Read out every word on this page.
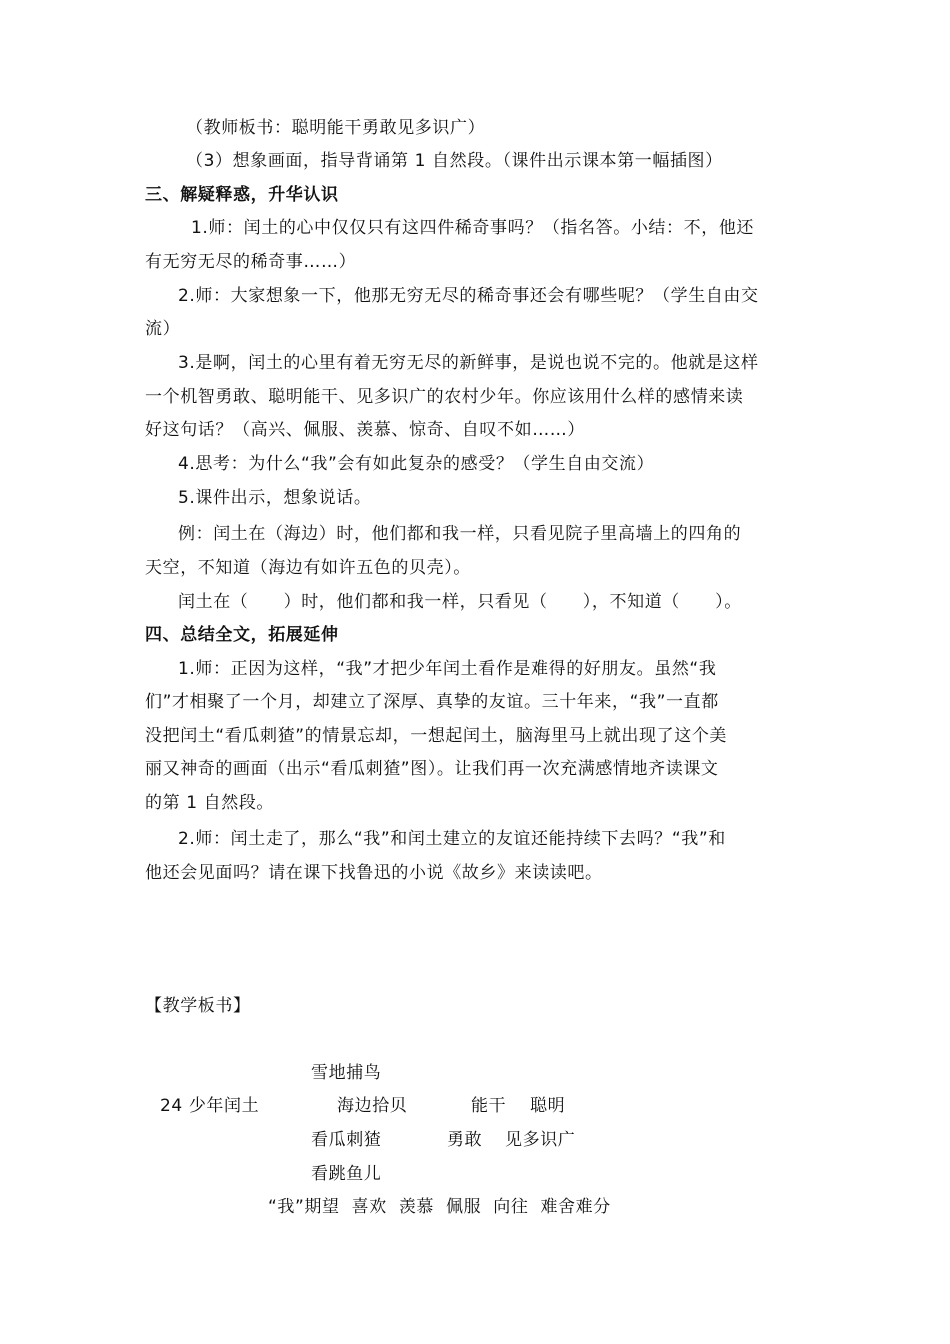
（教师板书：聪明能干勇敢见多识广）
（3）想象画面，指导背诵第 1 自然段。（课件出示课本第一幅插图）
三、解疑释惑，升华认识
1.师：闰土的心中仅仅只有这四件稀奇事吗？（指名答。小结：不，他还
有无穷无尽的稀奇事……）
2.师：大家想象一下，他那无穷无尽的稀奇事还会有哪些呢？（学生自由交
流）
3.是啊，闰土的心里有着无穷无尽的新鲜事，是说也说不完的。他就是这样
一个机智勇敢、聪明能干、见多识广的农村少年。你应该用什么样的感情来读
好这句话？（高兴、佩服、羡慕、惊奇、自叹不如……）
4.思考：为什么“我”会有如此复杂的感受？（学生自由交流）
5.课件出示，想象说话。
例：闰土在（海边）时，他们都和我一样，只看见院子里高墙上的四角的
天空，不知道（海边有如许五色的贝壳）。
闰土在（　　）时，他们都和我一样，只看见（　　），不知道（　　）。
四、总结全文，拓展延伸
1.师：正因为这样，“我”才把少年闰土看作是难得的好朋友。虽然“我
们”才相聚了一个月，却建立了深厚、真挚的友谊。三十年来，“我”一直都
没把闰土“看瓜刺猹”的情景忘却，一想起闰土，脑海里马上就出现了这个美
丽又神奇的画面（出示“看瓜刺猹”图）。让我们再一次充满感情地齐读课文
的第 1 自然段。
2.师：闰土走了，那么“我”和闰土建立的友谊还能持续下去吗？“我”和
他还会见面吗？请在课下找鲁迅的小说《故乡》来读读吧。
【教学板书】
雪地捕鸟
24 少年闰土	海边拾贝	能干 聪明
看瓜刺猹	勇敢 见多识广
看跳鱼儿
“我”期望  喜欢  羡慕  佩服  向往  难舍难分
